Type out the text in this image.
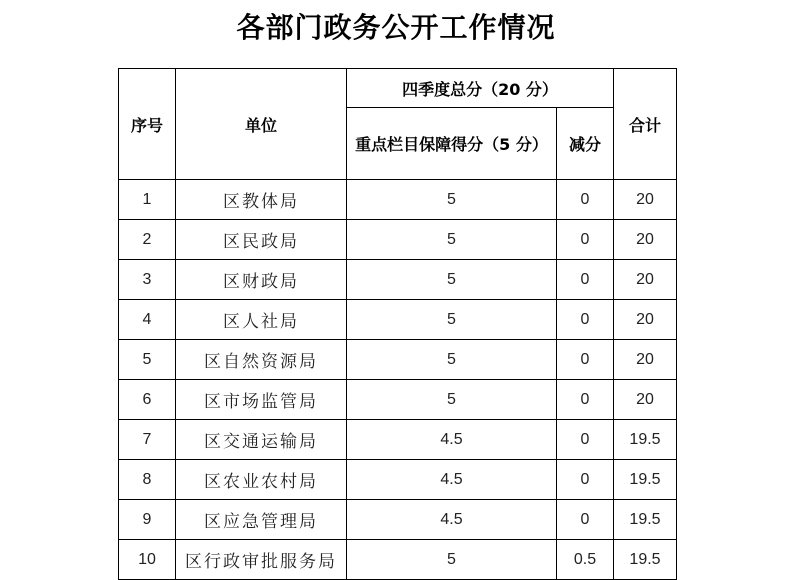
各部门政务公开工作情况
序号	单位	四季度总分（20 分）		合计
		重点栏目保障得分（5 分）	减分	
1	区教体局	5	0	20
2	区民政局	5	0	20
3	区财政局	5	0	20
4	区人社局	5	0	20
5	区自然资源局	5	0	20
6	区市场监管局	5	0	20
7	区交通运输局	4.5	0	19.5
8	区农业农村局	4.5	0	19.5
9	区应急管理局	4.5	0	19.5
10	区行政审批服务局	5	0.5	19.5
